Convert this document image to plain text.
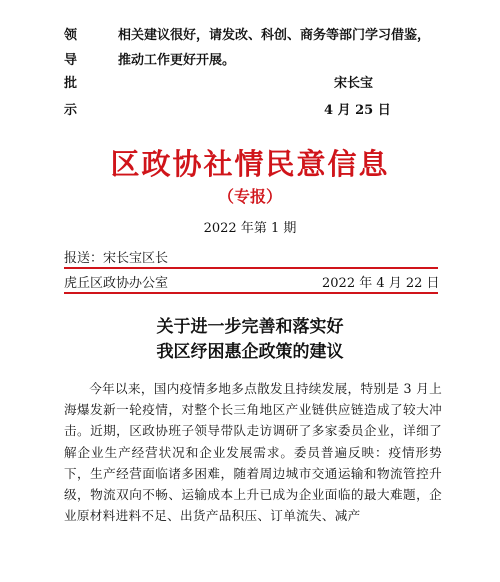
领
导
批
示
相关建议很好，请发改、科创、商务等部门学习借鉴，
推动工作更好开展。
宋长宝
4 月 25 日
区政协社情民意信息
（专报）
2022 年第 1 期
报送：宋长宝区长
虎丘区政协办公室	2022 年 4 月 22 日
关于进一步完善和落实好
我区纾困惠企政策的建议

今年以来，国内疫情多地多点散发且持续发展，特别是 3 月上海爆发新一轮疫情，对整个长三角地区产业链供应链造成了较大冲击。近期，区政协班子领导带队走访调研了多家委员企业，详细了解企业生产经营状况和企业发展需求。委员普遍反映：疫情形势下，生产经营面临诸多困难，随着周边城市交通运输和物流管控升级，物流双向不畅、运输成本上升已成为企业面临的最大难题，企业原材料进料不足、出货产品积压、订单流失、减产
